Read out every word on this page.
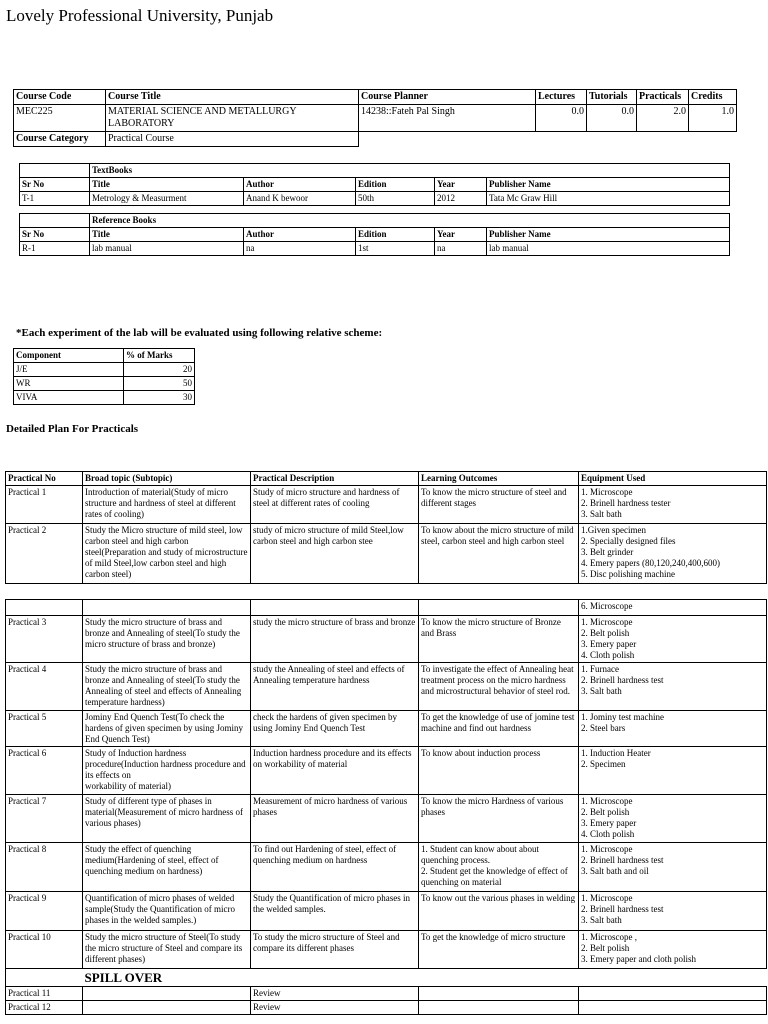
Lovely Professional University, Punjab
Course Code	Course Title	Course Planner	Lectures	Tutorials	Practicals	Credits
MEC225	MATERIAL SCIENCE AND METALLURGY LABORATORY	14238::Fateh Pal Singh	0.0	0.0	2.0	1.0
Course Category	Practical Course					
	TextBooks				
Sr No	Title	Author	Edition	Year	Publisher Name
T-1	Metrology & Measurment	Anand K bewoor	50th	2012	Tata Mc Graw Hill
	Reference Books				
Sr No	Title	Author	Edition	Year	Publisher Name
R-1	lab manual	na	1st	na	lab manual
*Each experiment of the lab will be evaluated using following relative scheme:
Component	% of Marks
J/E	20
WR	50
VIVA	30
Detailed Plan For Practicals
Practical No	Broad topic (Subtopic)	Practical Description	Learning Outcomes	Equipment Used
Practical 1	Introduction of material(Study of micro structure and hardness of steel at different rates of cooling)	Study of micro structure and hardness of steel at different rates of cooling	To know the micro structure of steel and different stages	1. Microscope
2. Brinell hardness tester
3. Salt bath
Practical 2	Study the Micro structure of mild steel, low carbon steel and high carbon steel(Preparation and study of microstructure of mild Steel,low carbon steel and high carbon steel)	study of micro structure of mild Steel,low carbon steel and high carbon stee	To know about the micro structure of mild steel, carbon steel and high carbon steel	1.Given specimen
2. Specially designed files
3. Belt grinder
4. Emery papers (80,120,240,400,600)
5. Disc polishing machine
				6. Microscope
Practical 3	Study the micro structure of brass and bronze and Annealing of steel(To study the micro structure of brass and bronze)	study the micro structure of brass and bronze	To know the micro structure of Bronze and Brass	1. Microscope
2. Belt polish
3. Emery paper
4. Cloth polish
Practical 4	Study the micro structure of brass and bronze and Annealing of steel(To study the Annealing of steel and effects of Annealing temperature hardness)	study the Annealing of steel and effects of Annealing temperature hardness	To investigate the effect of Annealing heat treatment process on the micro hardness and microstructural behavior of steel rod.	1. Furnace
2. Brinell hardness test
3. Salt bath
Practical 5	Jominy End Quench Test(To check the hardens of given specimen by using Jominy End Quench Test)	check the hardens of given specimen by using Jominy End Quench Test	To get the knowledge of use of jomine test machine and find out hardness	1. Jominy test machine
2. Steel bars
Practical 6	Study of Induction hardness procedure(Induction hardness procedure and its effects on
workability of material)	Induction hardness procedure and its effects on workability of material	To know about induction process	1. Induction Heater
2. Specimen
Practical 7	Study of different type of phases in material(Measurement of micro hardness of various phases)	Measurement of micro hardness of various phases	To know the micro Hardness of various phases	1. Microscope
2. Belt polish
3. Emery paper
4. Cloth polish
Practical 8	Study the effect of quenching medium(Hardening of steel, effect of quenching medium on hardness)	To find out Hardening of steel, effect of quenching medium on hardness	1. Student can know about about quenching process.
2. Student get the knowledge of effect of quenching on material	1. Microscope
2. Brinell hardness test
3. Salt bath and oil
Practical 9	Quantification of micro phases of welded sample(Study the Quantification of micro phases in the welded samples.)	Study the Quantification of micro phases in the welded samples.	To know out the various phases in welding	1. Microscope
2. Brinell hardness test
3. Salt bath
Practical 10	Study the micro structure of Steel(To study the micro structure of Steel and compare its different phases)	To study the micro structure of Steel and compare its different phases	To get the knowledge of micro structure	1. Microscope ,
2. Belt polish
3. Emery paper and cloth polish
	SPILL OVER			
Practical 11		Review		
Practical 12		Review		
